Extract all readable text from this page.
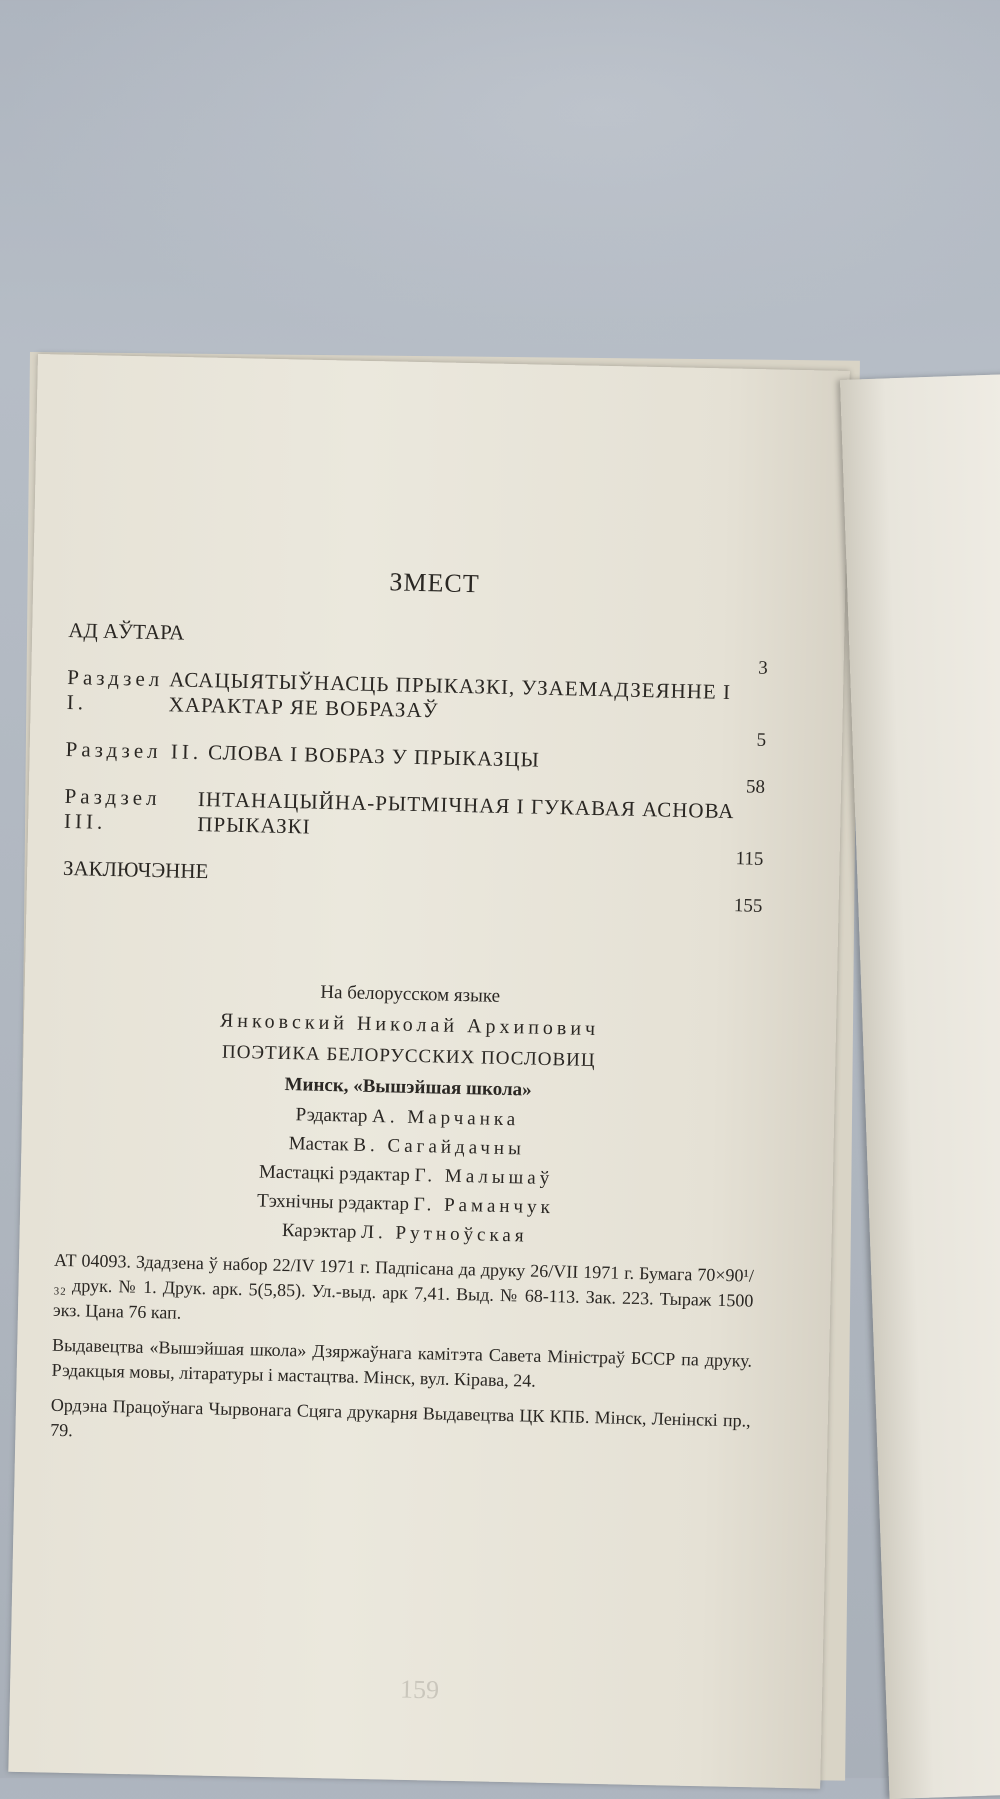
ЗМЕСТ
АД АЎТАРА
3
Раздзел I.	АСАЦЫЯТЫЎНАСЦЬ ПРЫКАЗКІ, УЗАЕМАДЗЕЯННЕ І ХАРАКТАР ЯЕ ВОБРАЗАЎ
5
Раздзел II. СЛОВА І ВОБРАЗ У ПРЫКАЗЦЫ
58
Раздзел III.	ІНТАНАЦЫЙНА-РЫТМІЧНАЯ І ГУКАВАЯ АСНОВА ПРЫКАЗКІ
115
ЗАКЛЮЧЭННЕ
155
На белорусском языке
Янковский Николай Архипович
ПОЭТИКА БЕЛОРУССКИХ ПОСЛОВИЦ
Минск, «Вышэйшая школа»
Рэдактар А. Марчанка
Мастак В. Сагайдачны
Мастацкі рэдактар Г. Малышаў
Тэхнічны рэдактар Г. Раманчук
Карэктар Л. Рутноўская

АТ 04093. Здадзена ў набор 22/IV 1971 г. Падпісана да друку 26/VII 1971 г. Бумага 70×90¹/₃₂ друк. № 1. Друк. арк. 5(5,85). Ул.-выд. арк 7,41. Выд. № 68-113. Зак. 223. Тыраж 1500 экз. Цана 76 кап.

Выдавецтва «Вышэйшая школа» Дзяржаўнага камітэта Савета Міністраў БССР па друку. Рэдакцыя мовы, літаратуры і мастацтва. Мінск, вул. Кірава, 24.

Ордэна Працоўнага Чырвонага Сцяга друкарня Выдавецтва ЦК КПБ. Мінск, Ленінскі пр., 79.

159
